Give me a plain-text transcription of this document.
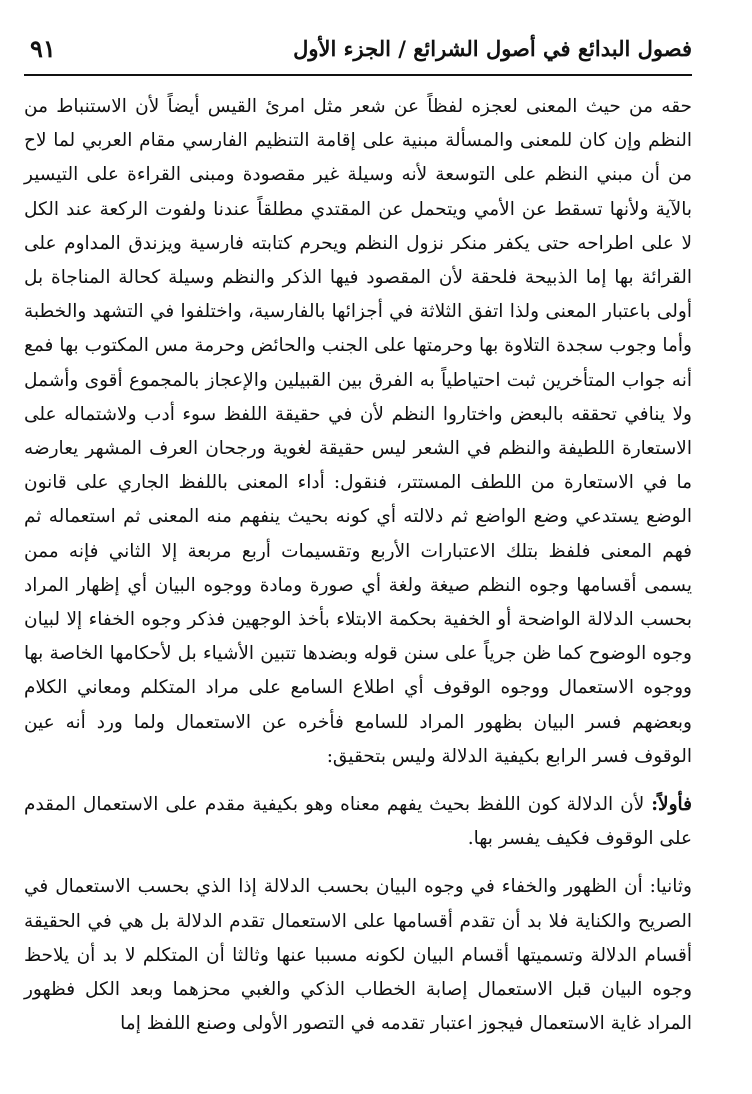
فصول البدائع في أصول الشرائع / الجزء الأول
٩١

حقه من حيث المعنى لعجزه لفظاً عن شعر مثل امرئ القيس أيضاً لأن الاستنباط من النظم وإن كان للمعنى والمسألة مبنية على إقامة التنظيم الفارسي مقام العربي لما لاح من أن مبني النظم على التوسعة لأنه وسيلة غير مقصودة ومبنى القراءة على التيسير بالآية ولأنها تسقط عن الأمي ويتحمل عن المقتدي مطلقاً عندنا ولفوت الركعة عند الكل لا على اطراحه حتى يكفر منكر نزول النظم ويحرم كتابته فارسية ويزندق المداوم على القرائة بها إما الذبيحة فلحقة لأن المقصود فيها الذكر والنظم وسيلة كحالة المناجاة بل أولى باعتبار المعنى ولذا اتفق الثلاثة في أجزائها بالفارسية، واختلفوا في التشهد والخطبة وأما وجوب سجدة التلاوة بها وحرمتها على الجنب والحائض وحرمة مس المكتوب بها فمع أنه جواب المتأخرين ثبت احتياطياً به الفرق بين القبيلين والإعجاز بالمجموع أقوى وأشمل ولا ينافي تحققه بالبعض واختاروا النظم لأن في حقيقة اللفظ سوء أدب ولاشتماله على الاستعارة اللطيفة والنظم في الشعر ليس حقيقة لغوية ورجحان العرف المشهر يعارضه ما في الاستعارة من اللطف المستتر، فنقول: أداء المعنى باللفظ الجاري على قانون الوضع يستدعي وضع الواضع ثم دلالته أي كونه بحيث ينفهم منه المعنى ثم استعماله ثم فهم المعنى فلفظ بتلك الاعتبارات الأربع وتقسيمات أربع مربعة إلا الثاني فإنه ممن يسمى أقسامها وجوه النظم صيغة ولغة أي صورة ومادة ووجوه البيان أي إظهار المراد بحسب الدلالة الواضحة أو الخفية بحكمة الابتلاء بأخذ الوجهين فذكر وجوه الخفاء إلا لبيان وجوه الوضوح كما ظن جرياً على سنن قوله وبضدها تتبين الأشياء بل لأحكامها الخاصة بها ووجوه الاستعمال ووجوه الوقوف أي اطلاع السامع على مراد المتكلم ومعاني الكلام وبعضهم فسر البيان بظهور المراد للسامع فأخره عن الاستعمال ولما ورد أنه عين الوقوف فسر الرابع بكيفية الدلالة وليس بتحقيق:

فأولاً: لأن الدلالة كون اللفظ بحيث يفهم معناه وهو بكيفية مقدم على الاستعمال المقدم على الوقوف فكيف يفسر بها.

وثانيا: أن الظهور والخفاء في وجوه البيان بحسب الدلالة إذا الذي بحسب الاستعمال في الصريح والكناية فلا بد أن تقدم أقسامها على الاستعمال تقدم الدلالة بل هي في الحقيقة أقسام الدلالة وتسميتها أقسام البيان لكونه مسببا عنها وثالثا أن المتكلم لا بد أن يلاحظ وجوه البيان قبل الاستعمال إصابة الخطاب الذكي والغبي محزهما وبعد الكل فظهور المراد غاية الاستعمال فيجوز اعتبار تقدمه في التصور الأولى وصنع اللفظ إما
